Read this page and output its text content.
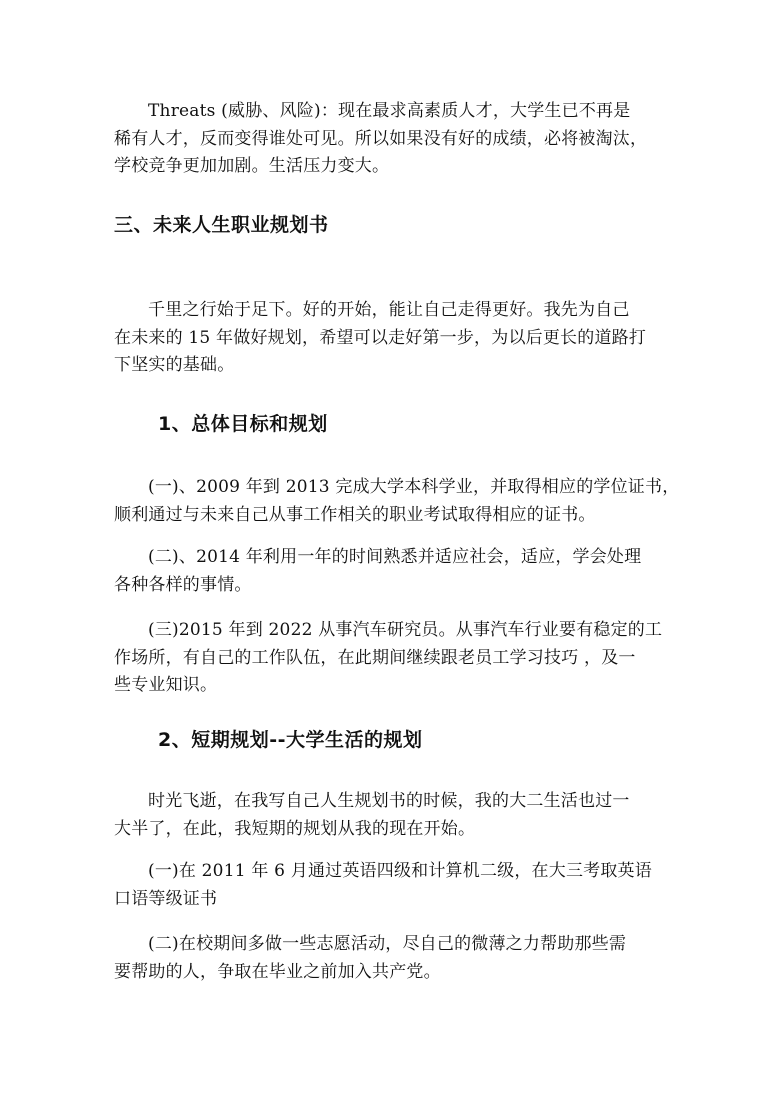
Threats (威胁、风险)：现在最求高素质人才，大学生已不再是
稀有人才，反而变得谁处可见。所以如果没有好的成绩，必将被淘汰，
学校竞争更加加剧。生活压力变大。
三、未来人生职业规划书
千里之行始于足下。好的开始，能让自己走得更好。我先为自己
在未来的 15 年做好规划，希望可以走好第一步，为以后更长的道路打
下坚实的基础。
1、总体目标和规划
(一)、2009 年到 2013 完成大学本科学业，并取得相应的学位证书，
顺利通过与未来自己从事工作相关的职业考试取得相应的证书。
(二)、2014 年利用一年的时间熟悉并适应社会，适应，学会处理
各种各样的事情。
(三)2015 年到 2022 从事汽车研究员。从事汽车行业要有稳定的工
作场所，有自己的工作队伍，在此期间继续跟老员工学习技巧 ，及一
些专业知识。
2、短期规划--大学生活的规划
时光飞逝，在我写自己人生规划书的时候，我的大二生活也过一
大半了，在此，我短期的规划从我的现在开始。
(一)在 2011 年 6 月通过英语四级和计算机二级，在大三考取英语
口语等级证书
(二)在校期间多做一些志愿活动，尽自己的微薄之力帮助那些需
要帮助的人，争取在毕业之前加入共产党。
